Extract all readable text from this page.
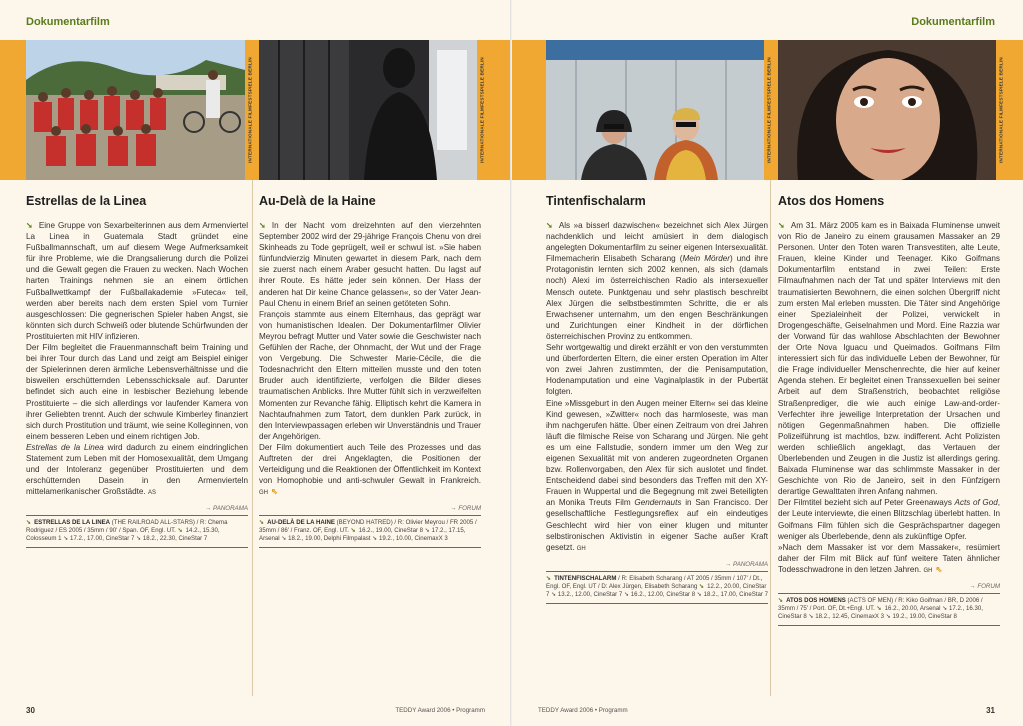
Dokumentarfilm
INTERNATIONALE FILMFESTSPIELE BERLIN	INTERNATIONALE FILMFESTSPIELE BERLIN
Estrellas de la Linea

➘ Eine Gruppe von Sexarbeiterinnen aus dem Armenviertel La Linea in Guatemala Stadt gründet eine Fußballmannschaft, um auf diesem Wege Aufmerksamkeit für ihre Probleme, wie die Drangsalierung durch die Polizei und die Gewalt gegen die Frauen zu wecken. Nach Wochen harten Trainings nehmen sie an einem örtlichen Fußballwettkampf der Fußballakademie »Futeca« teil, werden aber bereits nach dem ersten Spiel vom Turnier ausgeschlossen: Die gegnerischen Spieler haben Angst, sie könnten sich durch Schweiß oder blutende Schürfwunden der Prostituierten mit HIV infizieren.

Der Film begleitet die Frauenmannschaft beim Training und bei ihrer Tour durch das Land und zeigt am Beispiel einiger der Spielerinnen deren ärmliche Lebensverhältnisse und die bisweilen erschütternden Lebensschicksale auf. Darunter befindet sich auch eine in lesbischer Beziehung lebende Prostituierte – die sich allerdings vor laufender Kamera von ihrer Geliebten trennt. Auch der schwule Kimberley finanziert sich durch Prostitution und träumt, wie seine Kolleginnen, von einem besseren Leben und einem richtigen Job.

Estrellas de la Linea wird dadurch zu einem eindringlichen Statement zum Leben mit der Homosexualität, dem Umgang und der Intoleranz gegenüber Prostituierten und dem erschütternden Dasein in den Armenvierteln mittelamerikanischer Großstädte. AS

→ PANORAMA
➘ ESTRELLAS DE LA LINEA (THE RAILROAD ALL-STARS) / R: Chema Rodriguez / ES 2005 / 35mm / 90' / Span. OF, Engl. UT. ➘ 14.2., 15.30, Colosseum 1 ➘ 17.2., 17.00, CineStar 7 ➘ 18.2., 22.30, CineStar 7
Au-Delà de la Haine

➘ In der Nacht vom dreizehnten auf den vierzehnten September 2002 wird der 29-jährige François Chenu von drei Skinheads zu Tode geprügelt, weil er schwul ist. »Sie haben fünfundvierzig Minuten gewartet in diesem Park, nach dem sie zuerst nach einem Araber gesucht hatten. Du lagst auf ihrer Route. Es hätte jeder sein können. Der Hass der anderen hat Dir keine Chance gelassen«, so der Vater Jean-Paul Chenu in einem Brief an seinen getöteten Sohn.

François stammte aus einem Elternhaus, das geprägt war von humanistischen Idealen. Der Dokumentarfilmer Olivier Meyrou befragt Mutter und Vater sowie die Geschwister nach Gefühlen der Rache, der Ohnmacht, der Wut und der Frage von Vergebung. Die Schwester Marie-Cécile, die die Todesnachricht den Eltern mitteilen musste und den toten Bruder auch identifizierte, verfolgen die Bilder dieses traumatischen Anblicks. Ihre Mutter fühlt sich in verzweifelten Momenten zur Revanche fähig. Elliptisch kehrt die Kamera in Nachtaufnahmen zum Tatort, dem dunklen Park zurück, in den Interviewpassagen erleben wir Unverständnis und Trauer der Angehörigen.

Der Film dokumentiert auch Teile des Prozesses und das Auftreten der drei Angeklagten, die Positionen der Verteidigung und die Reaktionen der Öffentlichkeit im Kontext von Homophobie und anti-schwuler Gewalt in Frankreich. GH ⇖

→ FORUM
➘ AU-DELÀ DE LA HAINE (BEYOND HATRED) / R: Olivier Meyrou / FR 2005 / 35mm / 86' / Franz. OF, Engl. UT. ➘ 16.2., 19.00, CineStar 8 ➘ 17.2., 17.15, Arsenal ➘ 18.2., 19.00, Delphi Filmpalast ➘ 19.2., 10.00, CinemaxX 3
30	TEDDY Award 2006 • Programm
Dokumentarfilm
INTERNATIONALE FILMFESTSPIELE BERLIN	INTERNATIONALE FILMFESTSPIELE BERLIN
Tintenfischalarm

➘ Als »a bisserl dazwischen« bezeichnet sich Alex Jürgen nachdenklich und leicht amüsiert in dem dialogisch angelegten Dokumentarfilm zu seiner eigenen Intersexualität. Filmemacherin Elisabeth Scharang (Mein Mörder) und ihre Protagonistin lernten sich 2002 kennen, als sich (damals noch) Alexi im österreichischen Radio als intersexueller Mensch outete. Punktgenau und sehr plastisch beschreibt Alex Jürgen die selbstbestimmten Schritte, die er als Erwachsener unternahm, um den engen Beschränkungen und Zurichtungen einer Kindheit in der dörflichen österreichischen Provinz zu entkommen.

Sehr wortgewaltig und direkt erzählt er von den verstummten und überforderten Eltern, die einer ersten Operation im Alter von zwei Jahren zustimmten, der die Penisamputation, Hodenamputation und eine Vaginalplastik in der Pubertät folgten.

Eine »Missgeburt in den Augen meiner Eltern« sei das kleine Kind gewesen, »Zwitter« noch das harmloseste, was man ihm nachgerufen hätte. Über einen Zeitraum von drei Jahren läuft die filmische Reise von Scharang und Jürgen. Nie geht es um eine Fallstudie, sondern immer um den Weg zur eigenen Sexualität mit von anderen zugeordneten Organen bzw. Rollenvorgaben, den Alex für sich auslotet und findet. Entscheidend dabei sind besonders das Treffen mit den XY-Frauen in Wuppertal und die Begegnung mit zwei Beteiligten an Monika Treuts Film Gendernauts in San Francisco. Der gesellschaftliche Festlegungsreflex auf ein eindeutiges Geschlecht wird hier von einer klugen und mitunter selbstironischen Aktivistin in eigener Sache außer Kraft gesetzt. GH

→ PANORAMA
➘ TINTENFISCHALARM / R: Elisabeth Scharang / AT 2005 / 35mm / 107' / Dt., Engl. OF, Engl. UT / D: Alex Jürgen, Elisabeth Scharang ➘ 12.2., 20.00, CineStar 7 ➘ 13.2., 12.00, CineStar 7 ➘ 16.2., 12.00, CineStar 8 ➘ 18.2., 17.00, CineStar 7
Atos dos Homens

➘ Am 31. März 2005 kam es in Baixada Fluminense unweit von Rio de Janeiro zu einem grausamen Massaker an 29 Personen. Unter den Toten waren Transvestiten, alte Leute, Frauen, kleine Kinder und Teenager. Kiko Goifmans Dokumentarfilm entstand in zwei Teilen: Erste Filmaufnahmen nach der Tat und später Interviews mit den traumatisierten Bewohnern, die einen solchen Übergriff nicht zum ersten Mal erleben mussten. Die Täter sind Angehörige einer Spezialeinheit der Polizei, verwickelt in Drogengeschäfte, Geiselnahmen und Mord. Eine Razzia war der Vorwand für das wahllose Abschlachten der Bewohner der Orte Nova Iguacu und Queimados. Goifmans Film interessiert sich für das individuelle Leben der Bewohner, für die Frage individueller Menschenrechte, die hier auf keiner Agenda stehen. Er begleitet einen Transsexuellen bei seiner Arbeit auf dem Straßenstrich, beobachtet religiöse Straßenprediger, die wie auch einige Law-and-order-Verfechter ihre jeweilige Interpretation der Ursachen und nötigen Gegenmaßnahmen haben. Die offizielle Polizeiführung ist machtlos, bzw. indifferent. Acht Polizisten werden schließlich angeklagt, das Vertauen der Überlebenden und Zeugen in die Justiz ist allerdings gering. Baixada Fluminense war das schlimmste Massaker in der Geschichte von Rio de Janeiro, seit in den Fünfzigern derartige Gewalttaten ihren Anfang nahmen.

Der Filmtitel bezieht sich auf Peter Greenaways Acts of God, der Leute interviewte, die einen Blitzschlag überlebt hatten. In Goifmans Film fühlen sich die Gesprächspartner dagegen weniger als Überlebende, denn als zukünftige Opfer.

»Nach dem Massaker ist vor dem Massaker«, resümiert daher der Film mit Blick auf fünf weitere Taten ähnlicher Todesschwadrone in den letzen Jahren. GH ⇖

→ FORUM
➘ ATOS DOS HOMENS (ACTS OF MEN) / R: Kiko Goifman / BR, D 2006 / 35mm / 75' / Port. OF, Dt.+Engl. UT. ➘ 16.2., 20.00, Arsenal ➘ 17.2., 16.30, CineStar 8 ➘ 18.2., 12.45, CinemaxX 3 ➘ 19.2., 19.00, CineStar 8
TEDDY Award 2006 • Programm	31
